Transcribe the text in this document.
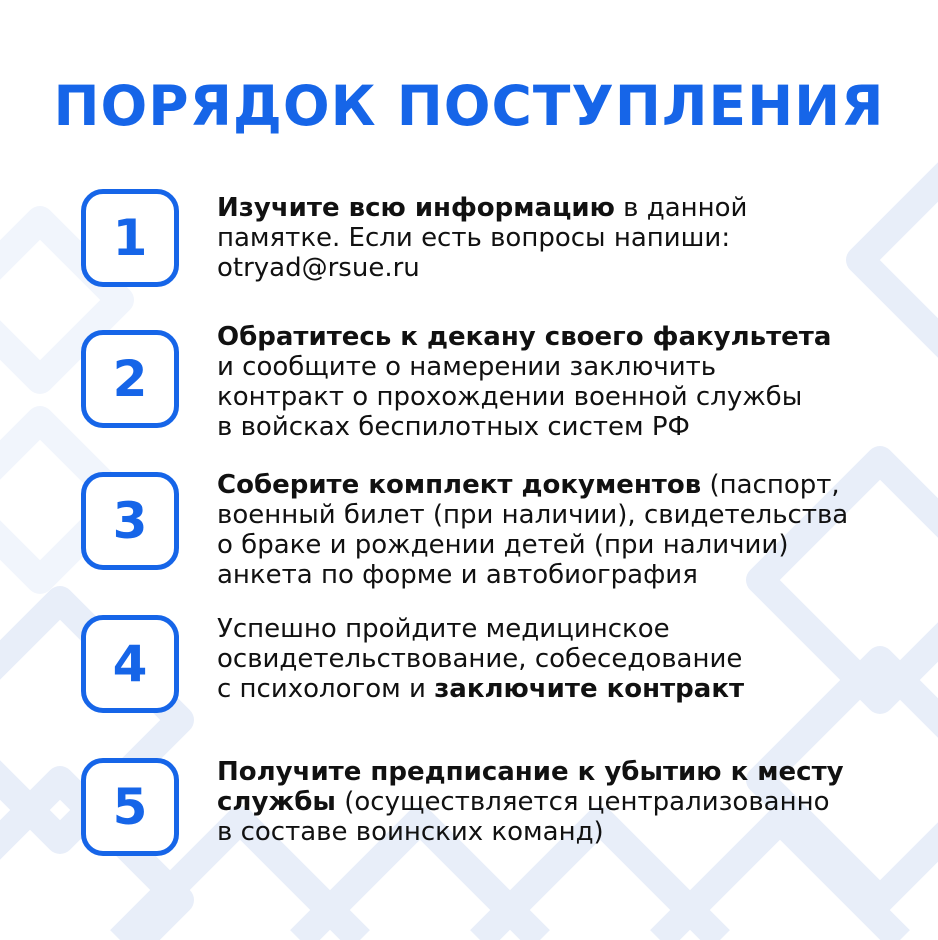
ПОРЯДОК ПОСТУПЛЕНИЯ
1
Изучите всю информацию в данной
памятке. Если есть вопросы напиши:
otryad@rsue.ru
2
Обратитесь к декану своего факультета
и сообщите о намерении заключить
контракт о прохождении военной службы
в войсках беспилотных систем РФ
3
Соберите комплект документов (паспорт,
военный билет (при наличии), свидетельства
о браке и рождении детей (при наличии)
анкета по форме и автобиография
4
Успешно пройдите медицинское
освидетельствование, собеседование
с психологом и заключите контракт
5
Получите предписание к убытию к месту
службы (осуществляется централизованно
в составе воинских команд)
